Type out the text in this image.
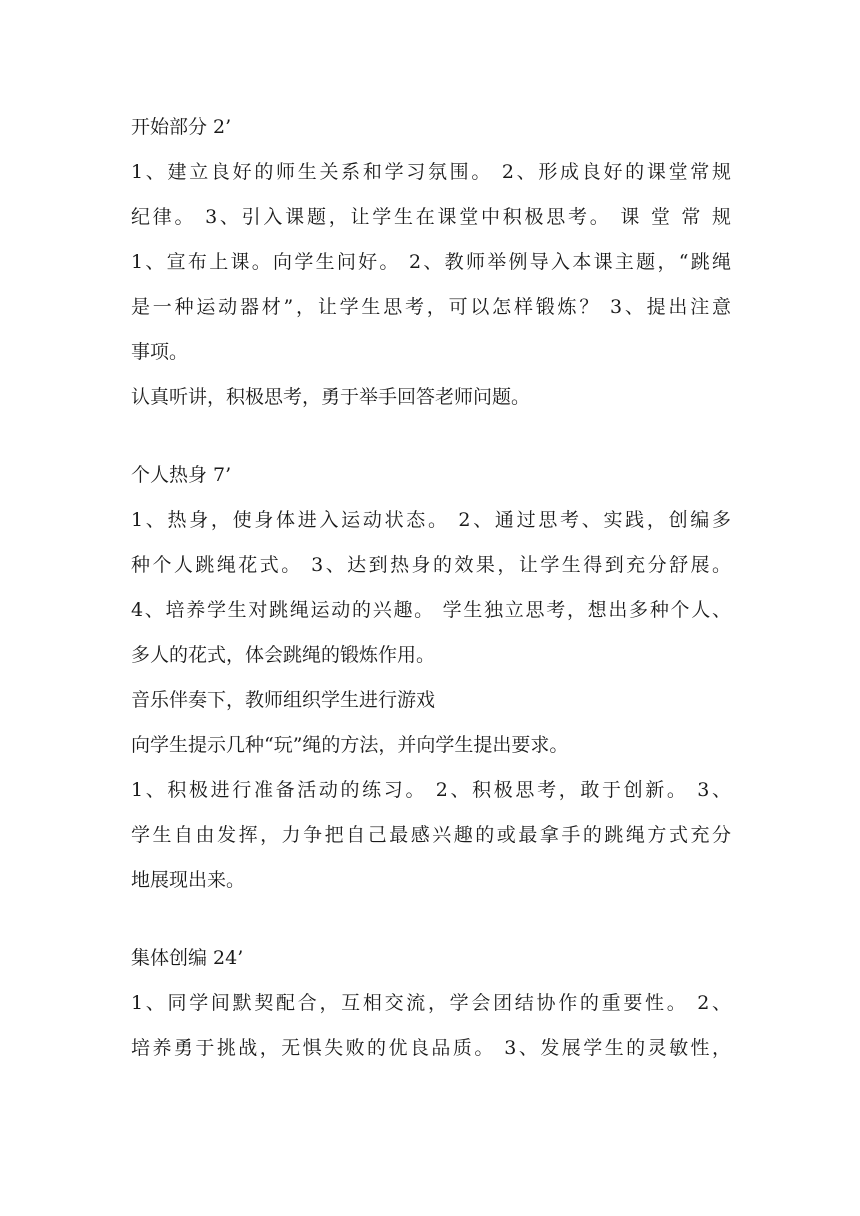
开始部分 2’
1、建立良好的师生关系和学习氛围。 2、形成良好的课堂常规
纪律。 3、引入课题，让学生在课堂中积极思考。 课 堂 常 规
1、宣布上课。向学生问好。 2、教师举例导入本课主题，“跳绳
是一种运动器材”，让学生思考，可以怎样锻炼？ 3、提出注意
事项。
认真听讲，积极思考，勇于举手回答老师问题。
个人热身 7’
1、热身，使身体进入运动状态。 2、通过思考、实践，创编多
种个人跳绳花式。 3、达到热身的效果，让学生得到充分舒展。
4、培养学生对跳绳运动的兴趣。 学生独立思考，想出多种个人、
多人的花式，体会跳绳的锻炼作用。
音乐伴奏下，教师组织学生进行游戏
向学生提示几种“玩”绳的方法，并向学生提出要求。
1、积极进行准备活动的练习。 2、积极思考，敢于创新。 3、
学生自由发挥，力争把自己最感兴趣的或最拿手的跳绳方式充分
地展现出来。
集体创编 24’
1、同学间默契配合，互相交流，学会团结协作的重要性。 2、
培养勇于挑战，无惧失败的优良品质。 3、发展学生的灵敏性，
